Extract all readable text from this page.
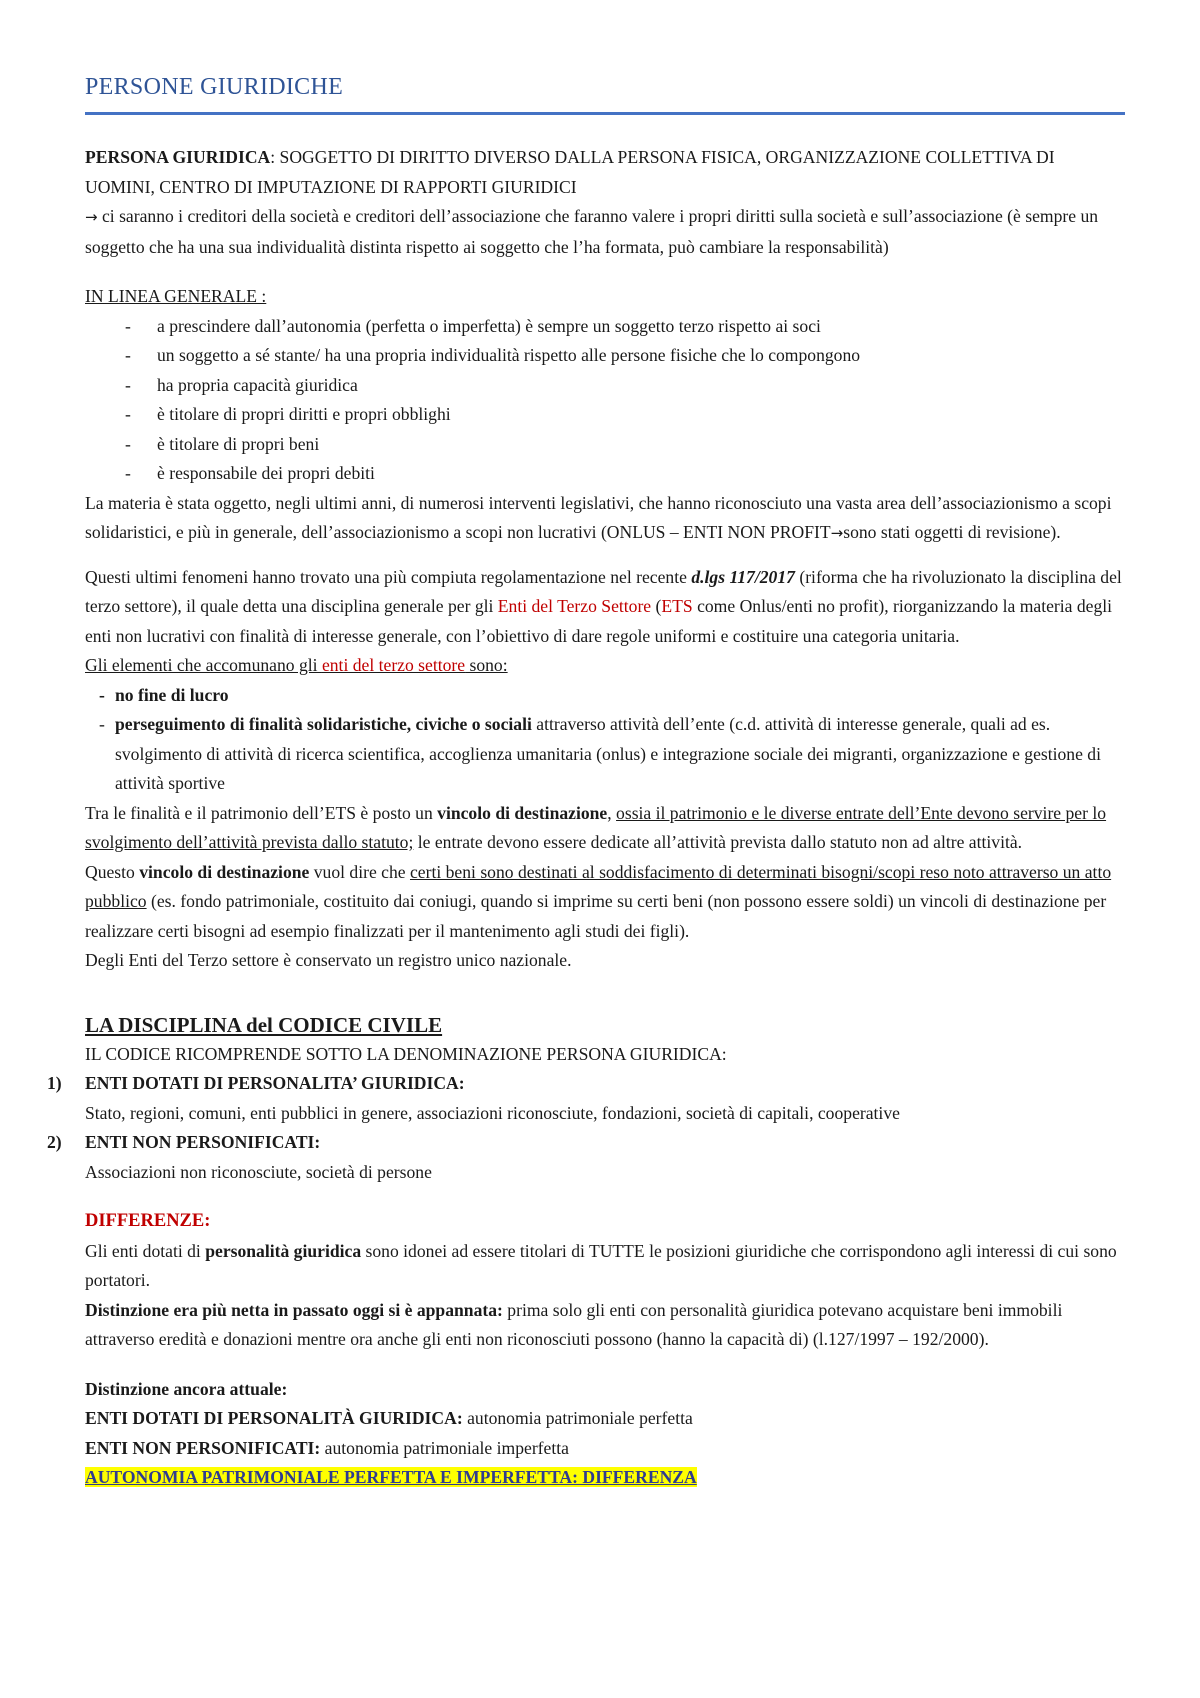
PERSONE GIURIDICHE

PERSONA GIURIDICA: SOGGETTO DI DIRITTO DIVERSO DALLA PERSONA FISICA, ORGANIZZAZIONE COLLETTIVA DI UOMINI, CENTRO DI IMPUTAZIONE DI RAPPORTI GIURIDICI
→ ci saranno i creditori della società e creditori dell’associazione che faranno valere i propri diritti sulla società e sull’associazione (è sempre un soggetto che ha una sua individualità distinta rispetto ai soggetto che l’ha formata, può cambiare la responsabilità)

IN LINEA GENERALE :

- a prescindere dall’autonomia (perfetta o imperfetta) è sempre un soggetto terzo rispetto ai soci
- un soggetto a sé stante/ ha una propria individualità rispetto alle persone fisiche che lo compongono
- ha propria capacità giuridica
- è titolare di propri diritti e propri obblighi
- è titolare di propri beni
- è responsabile dei propri debiti

La materia è stata oggetto, negli ultimi anni, di numerosi interventi legislativi, che hanno riconosciuto una vasta area dell’associazionismo a scopi solidaristici, e più in generale, dell’associazionismo a scopi non lucrativi (ONLUS – ENTI NON PROFIT→sono stati oggetti di revisione).

Questi ultimi fenomeni hanno trovato una più compiuta regolamentazione nel recente d.lgs 117/2017 (riforma che ha rivoluzionato la disciplina del terzo settore), il quale detta una disciplina generale per gli Enti del Terzo Settore (ETS come Onlus/enti no profit), riorganizzando la materia degli enti non lucrativi con finalità di interesse generale, con l’obiettivo di dare regole uniformi e costituire una categoria unitaria.

Gli elementi che accomunano gli enti del terzo settore sono:

- no fine di lucro
- perseguimento di finalità solidaristiche, civiche o sociali attraverso attività dell’ente (c.d. attività di interesse generale, quali ad es. svolgimento di attività di ricerca scientifica, accoglienza umanitaria (onlus) e integrazione sociale dei migranti, organizzazione e gestione di attività sportive

Tra le finalità e il patrimonio dell’ETS è posto un vincolo di destinazione, ossia il patrimonio e le diverse entrate dell’Ente devono servire per lo svolgimento dell’attività prevista dallo statuto; le entrate devono essere dedicate all’attività prevista dallo statuto non ad altre attività.

Questo vincolo di destinazione vuol dire che certi beni sono destinati al soddisfacimento di determinati bisogni/scopi reso noto attraverso un atto pubblico (es. fondo patrimoniale, costituito dai coniugi, quando si imprime su certi beni (non possono essere soldi) un vincoli di destinazione per realizzare certi bisogni ad esempio finalizzati per il mantenimento agli studi dei figli).

Degli Enti del Terzo settore è conservato un registro unico nazionale.

LA DISCIPLINA del CODICE CIVILE

IL CODICE RICOMPRENDE SOTTO LA DENOMINAZIONE PERSONA GIURIDICA:

1) ENTI DOTATI DI PERSONALITA’ GIURIDICA:
Stato, regioni, comuni, enti pubblici in genere, associazioni riconosciute, fondazioni, società di capitali, cooperative
2) ENTI NON PERSONIFICATI:
Associazioni non riconosciute, società di persone

DIFFERENZE:

Gli enti dotati di personalità giuridica sono idonei ad essere titolari di TUTTE le posizioni giuridiche che corrispondono agli interessi di cui sono portatori.

Distinzione era più netta in passato oggi si è appannata: prima solo gli enti con personalità giuridica potevano acquistare beni immobili attraverso eredità e donazioni mentre ora anche gli enti non riconosciuti possono (hanno la capacità di) (l.127/1997 – 192/2000).

Distinzione ancora attuale:

ENTI DOTATI DI PERSONALITÀ GIURIDICA: autonomia patrimoniale perfetta

ENTI NON PERSONIFICATI: autonomia patrimoniale imperfetta

AUTONOMIA PATRIMONIALE PERFETTA E IMPERFETTA: DIFFERENZA
